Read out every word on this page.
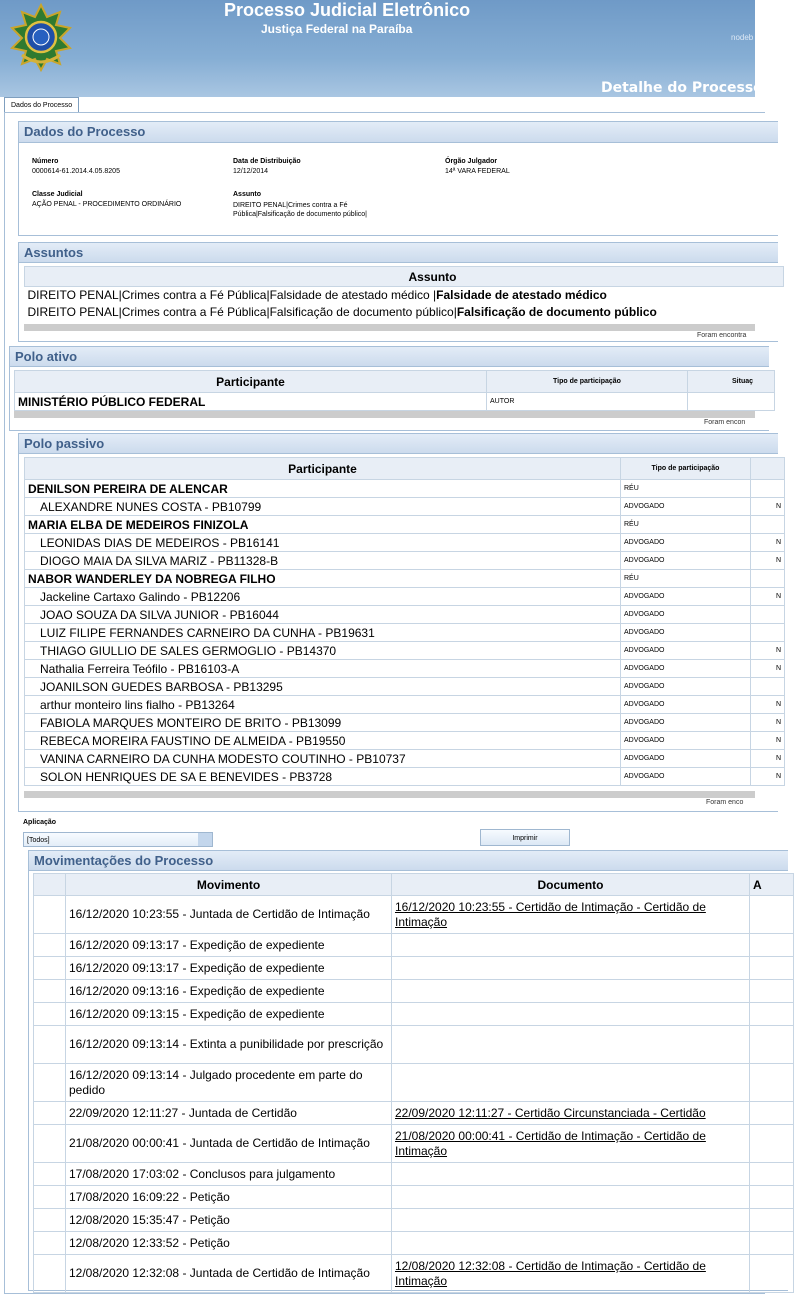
Processo Judicial Eletrônico
Justiça Federal na Paraíba
nodeb
Detalhe do Processo
Dados do Processo
Dados do Processo
Número
0000614-61.2014.4.05.8205
Data de Distribuição
12/12/2014
Órgão Julgador
14ª VARA FEDERAL
Classe Judicial
AÇÃO PENAL - PROCEDIMENTO ORDINÁRIO
Assunto
DIREITO PENAL|Crimes contra a Fé
Pública|Falsificação de documento público|
Assuntos
Assunto
DIREITO PENAL|Crimes contra a Fé Pública|Falsidade de atestado médico |Falsidade de atestado médico
DIREITO PENAL|Crimes contra a Fé Pública|Falsificação de documento público|Falsificação de documento público
Foram encontra
Polo ativo
Participante	Tipo de participação	Situaç
MINISTÉRIO PÚBLICO FEDERAL	AUTOR	
Foram encon
Polo passivo
Participante	Tipo de participação	
DENILSON PEREIRA DE ALENCAR	RÉU	
ALEXANDRE NUNES COSTA - PB10799	ADVOGADO	N
MARIA ELBA DE MEDEIROS FINIZOLA	RÉU	
LEONIDAS DIAS DE MEDEIROS - PB16141	ADVOGADO	N
DIOGO MAIA DA SILVA MARIZ - PB11328-B	ADVOGADO	N
NABOR WANDERLEY DA NOBREGA FILHO	RÉU	
Jackeline Cartaxo Galindo - PB12206	ADVOGADO	N
JOAO SOUZA DA SILVA JUNIOR - PB16044	ADVOGADO	
LUIZ FILIPE FERNANDES CARNEIRO DA CUNHA - PB19631	ADVOGADO	
THIAGO GIULLIO DE SALES GERMOGLIO - PB14370	ADVOGADO	N
Nathalia Ferreira Teófilo - PB16103-A	ADVOGADO	N
JOANILSON GUEDES BARBOSA - PB13295	ADVOGADO	
arthur monteiro lins fialho - PB13264	ADVOGADO	N
FABIOLA MARQUES MONTEIRO DE BRITO - PB13099	ADVOGADO	N
REBECA MOREIRA FAUSTINO DE ALMEIDA - PB19550	ADVOGADO	N
VANINA CARNEIRO DA CUNHA MODESTO COUTINHO - PB10737	ADVOGADO	N
SOLON HENRIQUES DE SA E BENEVIDES - PB3728	ADVOGADO	N
Foram enco
Aplicação
[Todos]	Imprimir
Movimentações do Processo
	Movimento	Documento	A
	16/12/2020 10:23:55 - Juntada de Certidão de Intimação	16/12/2020 10:23:55 - Certidão de Intimação - Certidão de Intimação	
	16/12/2020 09:13:17 - Expedição de expediente		
	16/12/2020 09:13:17 - Expedição de expediente		
	16/12/2020 09:13:16 - Expedição de expediente		
	16/12/2020 09:13:15 - Expedição de expediente		
	16/12/2020 09:13:14 - Extinta a punibilidade por prescrição		
	16/12/2020 09:13:14 - Julgado procedente em parte do pedido		
	22/09/2020 12:11:27 - Juntada de Certidão	22/09/2020 12:11:27 - Certidão Circunstanciada - Certidão	
	21/08/2020 00:00:41 - Juntada de Certidão de Intimação	21/08/2020 00:00:41 - Certidão de Intimação - Certidão de Intimação	
	17/08/2020 17:03:02 - Conclusos para julgamento		
	17/08/2020 16:09:22 - Petição		
	12/08/2020 15:35:47 - Petição		
	12/08/2020 12:33:52 - Petição		
	12/08/2020 12:32:08 - Juntada de Certidão de Intimação	12/08/2020 12:32:08 - Certidão de Intimação - Certidão de Intimação	
